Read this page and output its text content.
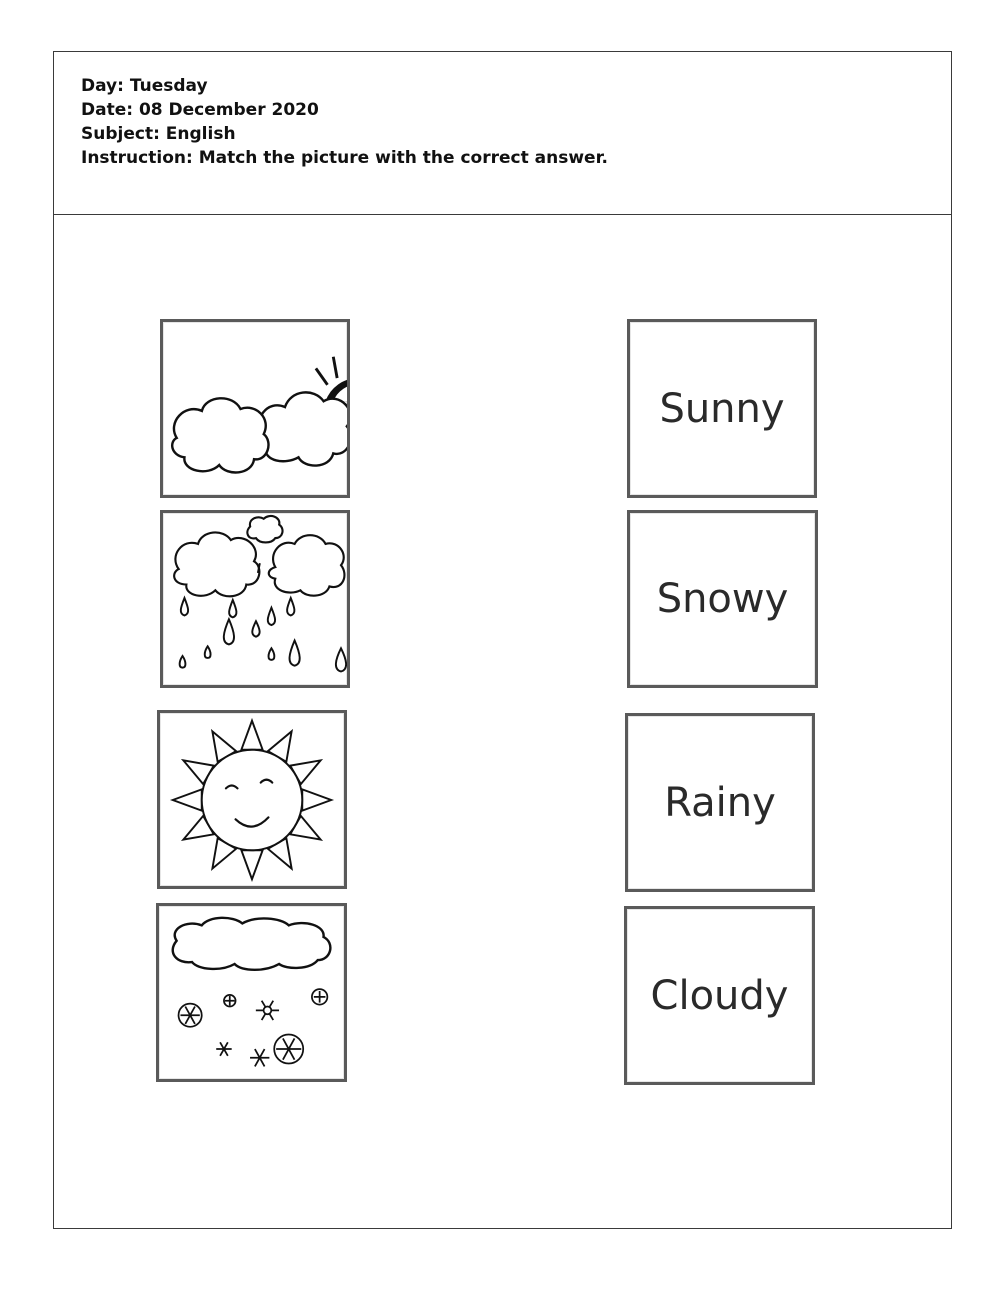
Day: Tuesday
Date: 08 December 2020
Subject: English
Instruction: Match the picture with the correct answer.
Sunny
Snowy
Rainy
Cloudy
